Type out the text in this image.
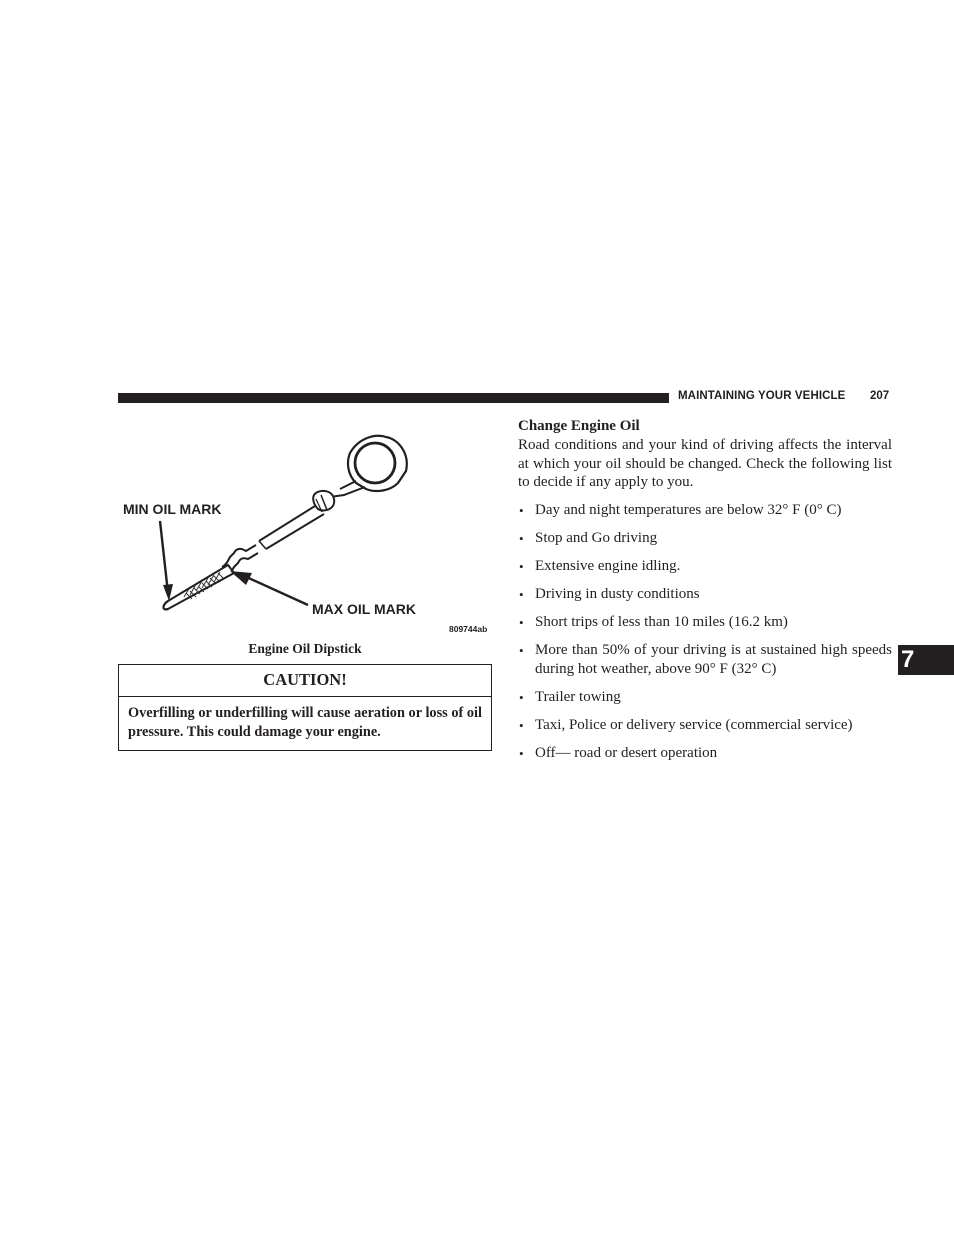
MAINTAINING YOUR VEHICLE 207
MIN OIL MARK
MAX OIL MARK
809744ab
Engine Oil Dipstick
CAUTION!
Overfilling or underfilling will cause aeration or loss of oil pressure. This could damage your engine.
Change Engine Oil

Road conditions and your kind of driving affects the interval at which your oil should be changed. Check the following list to decide if any apply to you.

• Day and night temperatures are below 32° F (0° C)
• Stop and Go driving
• Extensive engine idling.
• Driving in dusty conditions
• Short trips of less than 10 miles (16.2 km)
• More than 50% of your driving is at sustained high speeds during hot weather, above 90° F (32° C)
• Trailer towing
• Taxi, Police or delivery service (commercial service)
• Off— road or desert operation
7
